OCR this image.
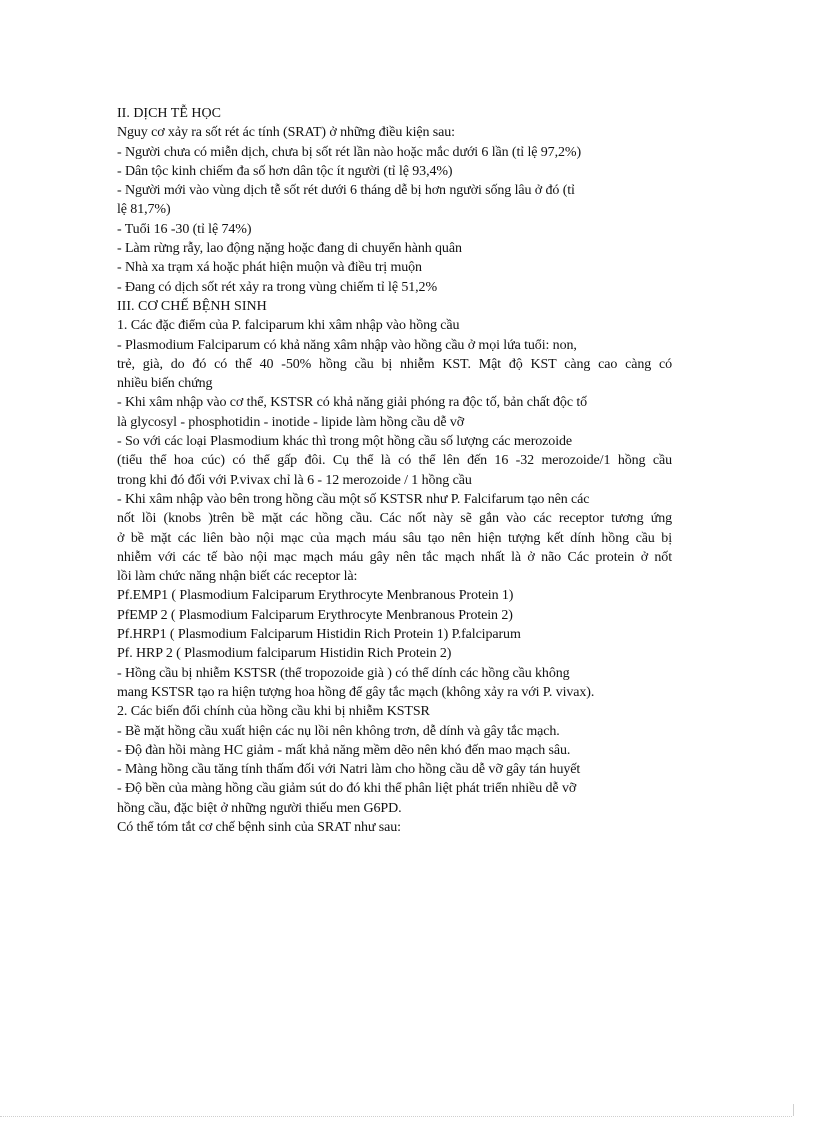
II. DỊCH TỄ HỌC
Nguy cơ xảy ra sốt rét ác tính (SRAT) ở những điều kiện sau:
- Người chưa có miễn dịch, chưa bị sốt rét lần nào hoặc mắc dưới 6 lần (tỉ lệ 97,2%)
- Dân tộc kinh chiếm đa số hơn dân tộc ít người (tỉ lệ 93,4%)
- Người mới vào vùng dịch tễ sốt rét dưới 6 tháng dễ bị hơn người sống lâu ở đó (tỉ
lệ 81,7%)
- Tuổi 16 -30 (tỉ lệ 74%)
- Làm rừng rẫy, lao động nặng hoặc đang di chuyển hành quân
- Nhà xa trạm xá hoặc phát hiện muộn và điều trị muộn
- Đang có dịch sốt rét xảy ra trong vùng chiếm tỉ lệ 51,2%
III. CƠ CHẾ BỆNH SINH
1. Các đặc điểm của P. falciparum khi xâm nhập vào hồng cầu
- Plasmodium Falciparum có khả năng xâm nhập vào hồng cầu ở mọi lứa tuổi: non,
trẻ, già, do đó có thể 40 -50% hồng cầu bị nhiễm KST. Mật độ KST càng cao càng có
nhiều biến chứng
- Khi xâm nhập vào cơ thể, KSTSR có khả năng giải phóng ra độc tố, bản chất độc tố
là glycosyl - phosphotidin - inotide - lipide làm hồng cầu dễ vỡ
- So với các loại Plasmodium khác thì trong một hồng cầu số lượng các merozoide
(tiểu thể hoa cúc) có thể gấp đôi. Cụ thể là có thể lên đến 16 -32 merozoide/1 hồng cầu
trong khi đó đối với P.vivax chỉ là 6 - 12 merozoide / 1 hồng cầu
- Khi xâm nhập vào bên trong hồng cầu một số KSTSR như P. Falcifarum tạo nên các
nốt lồi (knobs )trên bề mặt các hồng cầu. Các nốt này sẽ gắn vào các receptor tương ứng
ở bề mặt các liên bào nội mạc của mạch máu sâu tạo nên hiện tượng kết dính hồng cầu bị
nhiễm với các tế bào nội mạc mạch máu gây nên tắc mạch nhất là ở não Các protein ở nốt
lồi làm chức năng nhận biết các receptor là:
Pf.EMP1 ( Plasmodium Falciparum Erythrocyte Menbranous Protein 1)
PfEMP 2 ( Plasmodium Falciparum Erythrocyte Menbranous Protein 2)
Pf.HRP1 ( Plasmodium Falciparum Histidin Rich Protein 1) P.falciparum
Pf. HRP 2 ( Plasmodium falciparum Histidin Rich Protein 2)
- Hồng cầu bị nhiễm KSTSR (thể tropozoide già ) có thể dính các hồng cầu không
mang KSTSR tạo ra hiện tượng hoa hồng để gây tắc mạch (không xảy ra với P. vivax).
2. Các biến đổi chính của hồng cầu khi bị nhiễm KSTSR
- Bề mặt hồng cầu xuất hiện các nụ lồi nên không trơn, dễ dính và gây tắc mạch.
- Độ đàn hồi màng HC giảm - mất khả năng mềm dẽo nên khó đến mao mạch sâu.
- Màng hồng cầu tăng tính thấm đối với Natri làm cho hồng cầu dễ vỡ gây tán huyết
- Độ bền của màng hồng cầu giảm sút do đó khi thể phân liệt phát triển nhiều dễ vỡ
hồng cầu, đặc biệt ở những người thiếu men G6PD.
Có thể tóm tắt cơ chế bệnh sinh của SRAT như sau:
